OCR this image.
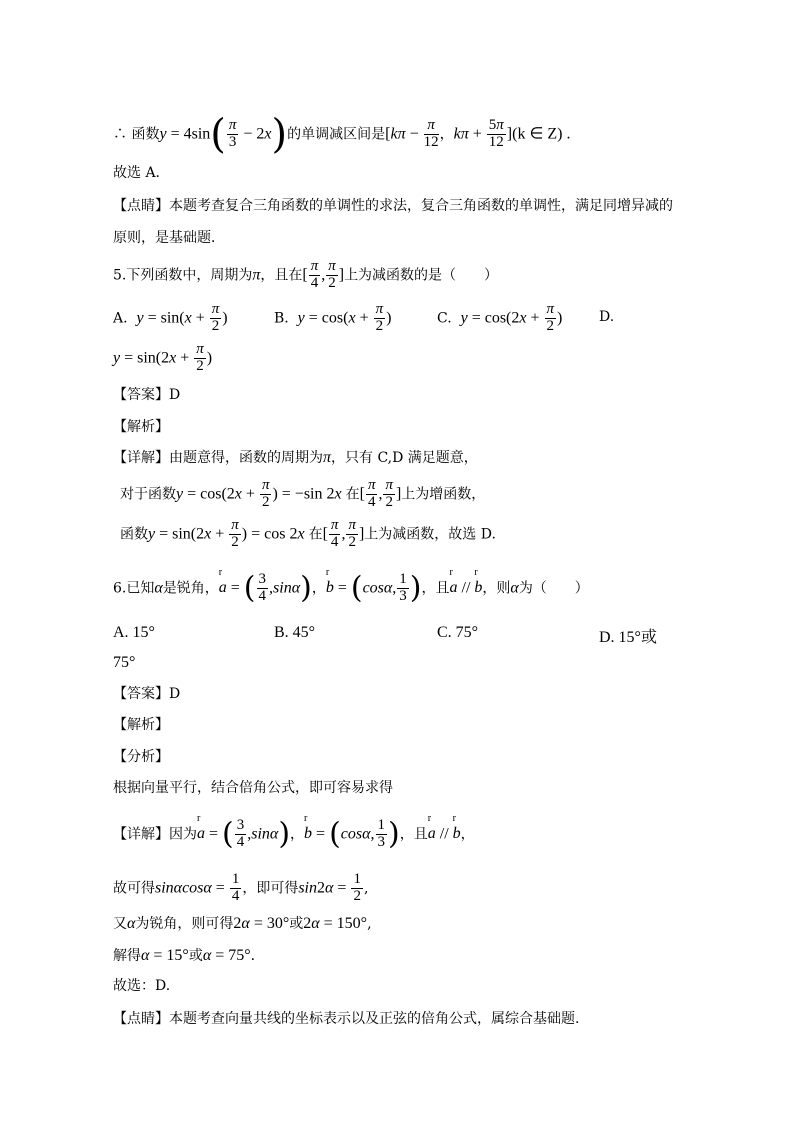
∴ 函数$y = 4\sin( \frac{\pi}{3} - 2x)$的单调减区间是[$k\pi - \frac{\pi}{12}$ ，$k\pi + \frac{5\pi}{12} ](k$ ∈ Z) .
故选 A.
【点睛】本题考查复合三角函数的单调性的求法，复合三角函数的单调性，满足同增异减的
原则，是基础题．
5.下列函数中，周期为π，且在[ $\frac{\pi}{4}$ , $\frac{\pi}{2}$ ]上为减函数的是（　　）
A. $y = \sin(x + \frac{\pi}{2}$ )	B. $y = \cos(x + \frac{\pi}{2}$ )	C. $y = \cos(2x + \frac{\pi}{2}$ )	D.
$y = \sin(2x + \frac{\pi}{2}$ )
【答案】D
【解析】
【详解】由题意得，函数的周期为π，只有 C,D 满足题意，
对于函数$y = \cos(2x + \frac{\pi}{2}$ ) = −sin 2x 在[ $\frac{\pi}{4}$ , $\frac{\pi}{2}$ ]上为增函数，
函数$y = \sin(2x + \frac{\pi}{2}$ ) = cos 2x 在[ $\frac{\pi}{4}$ , $\frac{\pi}{2}$ ]上为减函数，故选 D.
6.已知α是锐角，r a = ( $\frac{3}{4} ,\sin\alpha$)，r b = (cosα, $\frac{1}{3}$ )，且r a // r b，则α为（　　）
A. 15°	B. 45°	C. 75°	D. 15°或
75°
【答案】D
【解析】
【分析】
根据向量平行，结合倍角公式，即可容易求得
【详解】因为r a = ( $\frac{3}{4} ,\sin\alpha$)，r b = (cosα, $\frac{1}{3}$ )，且r a // r b，
故可得$\sin\alpha\cos\alpha = \frac{1}{4}$ ，即可得$\sin 2\alpha = \frac{1}{2}$ ,
又α为锐角，则可得2α = 30°或2α = 150°,
解得α = 15°或α = 75°.
故选：D.
【点睛】本题考查向量共线的坐标表示以及正弦的倍角公式，属综合基础题.
